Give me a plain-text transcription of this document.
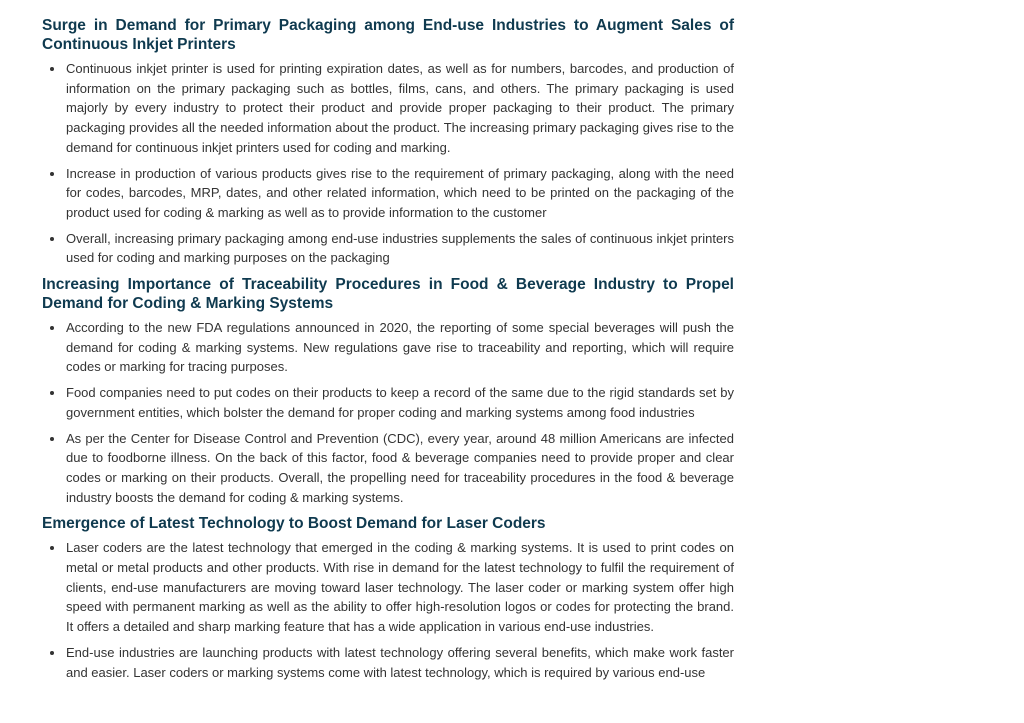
Surge in Demand for Primary Packaging among End-use Industries to Augment Sales of Continuous Inkjet Printers
Continuous inkjet printer is used for printing expiration dates, as well as for numbers, barcodes, and production of information on the primary packaging such as bottles, films, cans, and others. The primary packaging is used majorly by every industry to protect their product and provide proper packaging to their product. The primary packaging provides all the needed information about the product. The increasing primary packaging gives rise to the demand for continuous inkjet printers used for coding and marking.
Increase in production of various products gives rise to the requirement of primary packaging, along with the need for codes, barcodes, MRP, dates, and other related information, which need to be printed on the packaging of the product used for coding & marking as well as to provide information to the customer
Overall, increasing primary packaging among end-use industries supplements the sales of continuous inkjet printers used for coding and marking purposes on the packaging
Increasing Importance of Traceability Procedures in Food & Beverage Industry to Propel Demand for Coding & Marking Systems
According to the new FDA regulations announced in 2020, the reporting of some special beverages will push the demand for coding & marking systems. New regulations gave rise to traceability and reporting, which will require codes or marking for tracing purposes.
Food companies need to put codes on their products to keep a record of the same due to the rigid standards set by government entities, which bolster the demand for proper coding and marking systems among food industries
As per the Center for Disease Control and Prevention (CDC), every year, around 48 million Americans are infected due to foodborne illness. On the back of this factor, food & beverage companies need to provide proper and clear codes or marking on their products. Overall, the propelling need for traceability procedures in the food & beverage industry boosts the demand for coding & marking systems.
Emergence of Latest Technology to Boost Demand for Laser Coders
Laser coders are the latest technology that emerged in the coding & marking systems. It is used to print codes on metal or metal products and other products. With rise in demand for the latest technology to fulfil the requirement of clients, end-use manufacturers are moving toward laser technology. The laser coder or marking system offer high speed with permanent marking as well as the ability to offer high-resolution logos or codes for protecting the brand. It offers a detailed and sharp marking feature that has a wide application in various end-use industries.
End-use industries are launching products with latest technology offering several benefits, which make work faster and easier. Laser coders or marking systems come with latest technology, which is required by various end-use
